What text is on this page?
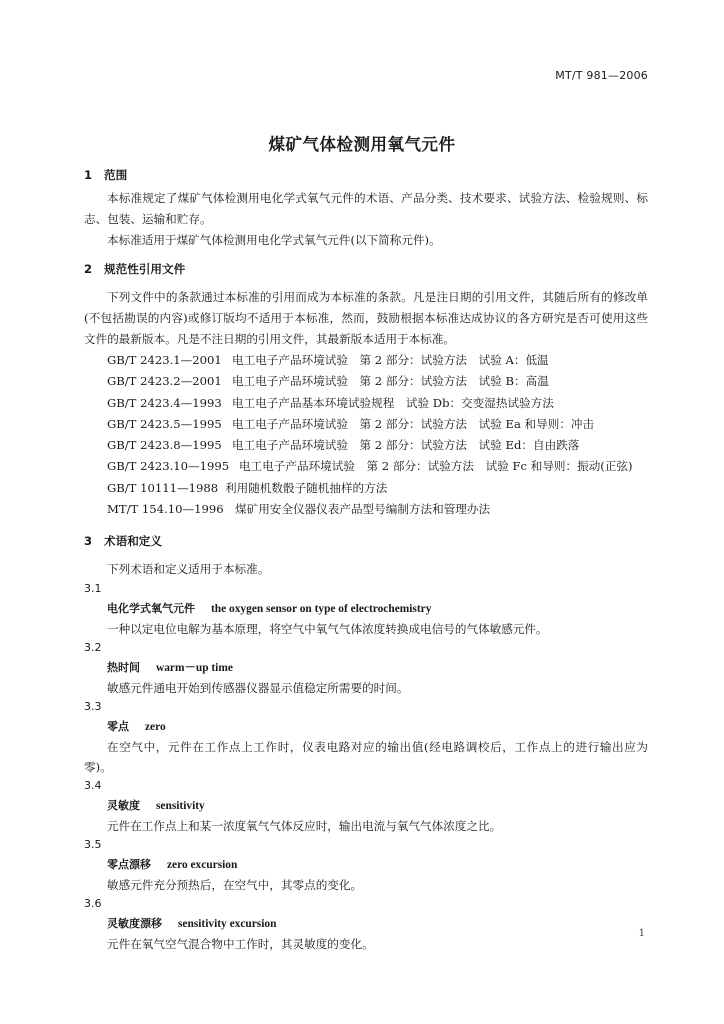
MT/T 981—2006
煤矿气体检测用氧气元件

1 范围

本标准规定了煤矿气体检测用电化学式氧气元件的术语、产品分类、技术要求、试验方法、检验规则、标志、包装、运输和贮存。

本标准适用于煤矿气体检测用电化学式氧气元件(以下简称元件)。

2 规范性引用文件

下列文件中的条款通过本标准的引用而成为本标准的条款。凡是注日期的引用文件，其随后所有的修改单(不包括勘误的内容)或修订版均不适用于本标准，然而，鼓励根据本标准达成协议的各方研究是否可使用这些文件的最新版本。凡是不注日期的引用文件，其最新版本适用于本标准。

GB/T 2423.1—2001 电工电子产品环境试验　第 2 部分：试验方法　试验 A：低温

GB/T 2423.2—2001 电工电子产品环境试验　第 2 部分：试验方法　试验 B：高温

GB/T 2423.4—1993 电工电子产品基本环境试验规程　试验 Db：交变湿热试验方法

GB/T 2423.5—1995 电工电子产品环境试验　第 2 部分：试验方法　试验 Ea 和导则：冲击

GB/T 2423.8—1995 电工电子产品环境试验　第 2 部分：试验方法　试验 Ed：自由跌落

GB/T 2423.10—1995 电工电子产品环境试验　第 2 部分：试验方法　试验 Fc 和导则：振动(正弦)

GB/T 10111—1988 利用随机数骰子随机抽样的方法

MT/T 154.10—1996 煤矿用安全仪器仪表产品型号编制方法和管理办法

3 术语和定义

下列术语和定义适用于本标准。

3.1

电化学式氧气元件 the oxygen sensor on type of electrochemistry

一种以定电位电解为基本原理，将空气中氧气气体浓度转换成电信号的气体敏感元件。

3.2

热时间 warm－up time

敏感元件通电开始到传感器仪器显示值稳定所需要的时间。

3.3

零点 zero

在空气中，元件在工作点上工作时，仪表电路对应的输出值(经电路调校后，工作点上的进行输出应为零)。

3.4

灵敏度 sensitivity

元件在工作点上和某一浓度氧气气体反应时，输出电流与氧气气体浓度之比。

3.5

零点漂移 zero excursion

敏感元件充分预热后，在空气中，其零点的变化。

3.6

灵敏度漂移 sensitivity excursion

元件在氧气空气混合物中工作时，其灵敏度的变化。

1
